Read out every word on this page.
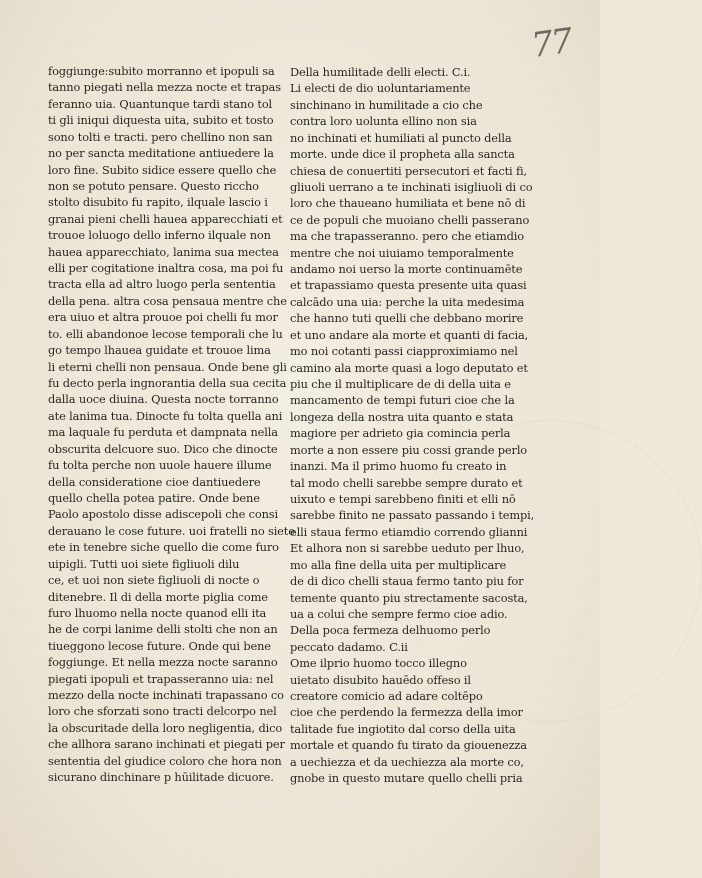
77
foggiunge:subito morranno et ipopuli sa
tanno piegati nella mezza nocte et trapas
feranno uia. Quantunque tardi stano tol
ti gli iniqui diquesta uita, subito et tosto
sono tolti e tracti. pero chellino non san
no per sancta meditatione antiuedere la
loro fine. Subito sidice essere quello che
non se potuto pensare. Questo riccho
stolto disubito fu rapito, ilquale lascio i
granai pieni chelli hauea apparecchiati et
trouoe loluogo dello inferno ilquale non
hauea apparecchiato, lanima sua mectea
elli per cogitatione inaltra cosa, ma poi fu
tracta ella ad altro luogo perla sententia
della pena. altra cosa pensaua mentre che
era uiuo et altra prouoe poi chelli fu mor
to. elli abandonoe lecose temporali che lu
go tempo lhauea guidate et trouoe lima
li eterni chelli non pensaua. Onde bene gli
fu decto perla ingnorantia della sua cecita
dalla uoce diuina. Questa nocte torranno
ate lanima tua. Dinocte fu tolta quella ani
ma laquale fu perduta et dampnata nella
obscurita delcuore suo. Dico che dinocte
fu tolta perche non uuole hauere illume
della consideratione cioe dantiuedere
quello chella potea patire. Onde bene
Paolo apostolo disse adiscepoli che consi
derauano le cose future. uoi fratelli no siete
ete in tenebre siche quello die come furo
uipigli. Tutti uoi siete figliuoli dilu
ce, et uoi non siete figliuoli di nocte o
ditenebre. Il di della morte piglia come
furo lhuomo nella nocte quanod elli ita
he de corpi lanime delli stolti che non an
tiueggono lecose future. Onde qui bene
foggiunge. Et nella mezza nocte saranno
piegati ipopuli et trapasseranno uia: nel
mezzo della nocte inchinati trapassano co
loro che sforzati sono tracti delcorpo nel
la obscuritade della loro negligentia, dico
che allhora sarano inchinati et piegati per
sententia del giudice coloro che hora non
sicurano dinchinare p hūilitade dicuore.
Della humilitade delli electi. C.i.
Li electi de dio uoluntariamente
sinchinano in humilitade a cio che
contra loro uolunta ellino non sia
no inchinati et humiliati al puncto della
morte. unde dice il propheta alla sancta
chiesa de conuertiti persecutori et facti fi,
gliuoli uerrano a te inchinati isigliuoli di co
loro che thaueano humiliata et bene nō di
ce de populi che muoiano chelli passerano
ma che trapasseranno. pero che etiamdio
mentre che noi uiuiamo temporalmente
andamo noi uerso la morte continuamēte
et trapassiamo questa presente uita quasi
calcādo una uia: perche la uita medesima
che hanno tuti quelli che debbano morire
et uno andare ala morte et quanti di facia,
mo noi cotanti passi ciapproximiamo nel
camino ala morte quasi a logo deputato et
piu che il multiplicare de di della uita e
mancamento de tempi futuri cioe che la
longeza della nostra uita quanto e stata
magiore per adrieto gia comincia perla
morte a non essere piu cossi grande perlo
inanzi. Ma il primo huomo fu creato in
tal modo chelli sarebbe sempre durato et
uixuto e tempi sarebbeno finiti et elli nō
sarebbe finito ne passato passando i tempi,
elli staua fermo etiamdio correndo glianni
Et alhora non si sarebbe ueduto per lhuo,
mo alla fine della uita per multiplicare
de di dico chelli staua fermo tanto piu for
temente quanto piu strectamente sacosta,
ua a colui che sempre fermo cioe adio.
Della poca fermeza delhuomo perlo
peccato dadamo. C.ii
Ome ilprio huomo tocco illegno
uietato disubito hauēdo offeso il
creatore comicio ad adare coltēpo
cioe che perdendo la fermezza della imor
talitade fue ingiotito dal corso della uita
mortale et quando fu tirato da giouenezza
a uechiezza et da uechiezza ala morte co,
gnobe in questo mutare quello chelli pria
